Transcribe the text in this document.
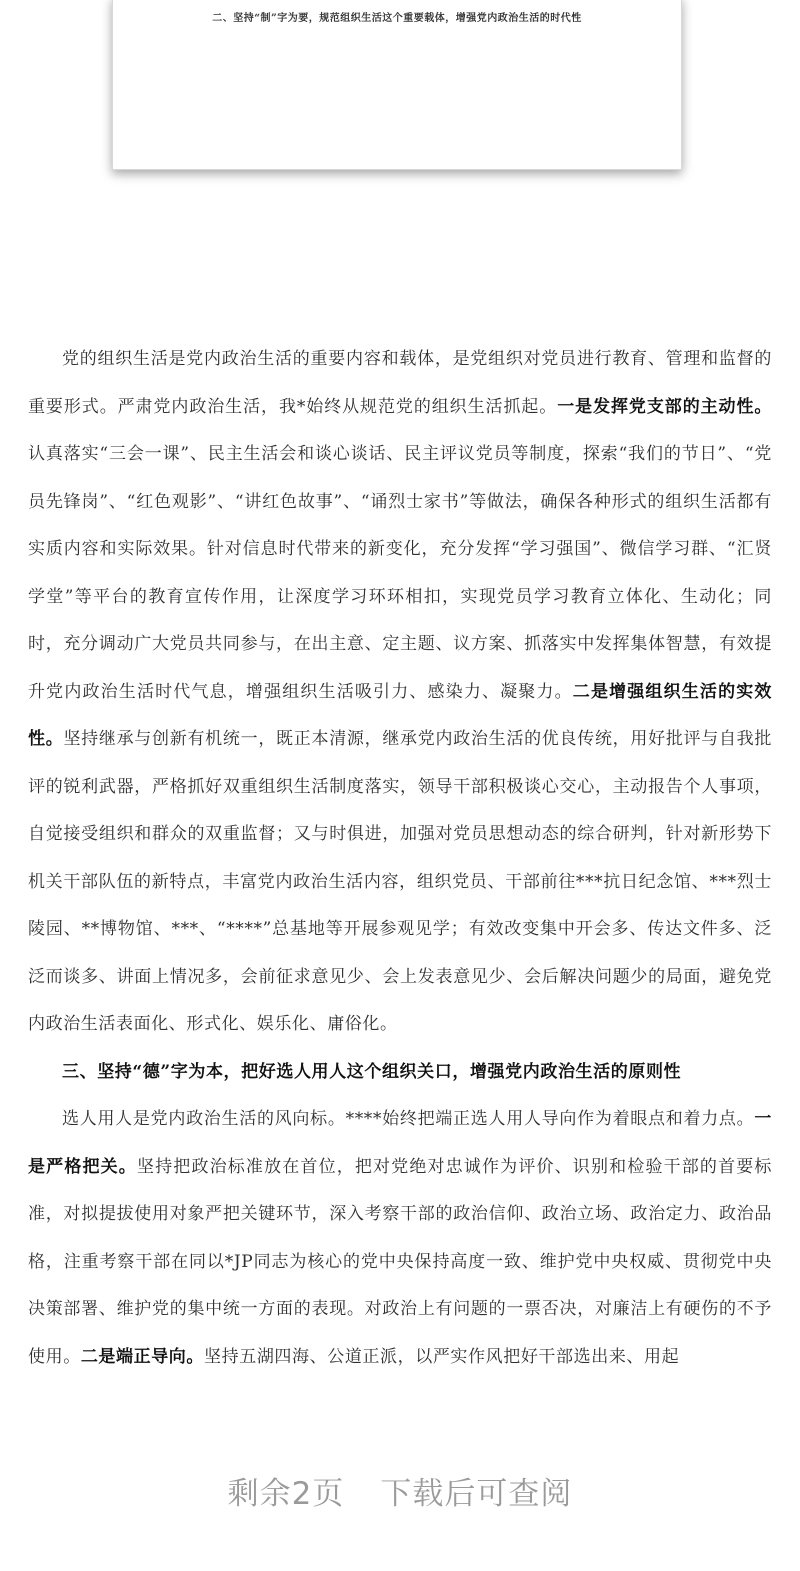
二、坚持“制”字为要，规范组织生活这个重要载体，增强党内政治生活的时代性

党的组织生活是党内政治生活的重要内容和载体，是党组织对党员进行教育、管理和监督的重要形式。严肃党内政治生活，我*始终从规范党的组织生活抓起。一是发挥党支部的主动性。认真落实“三会一课”、民主生活会和谈心谈话、民主评议党员等制度，探索“我们的节日”、“党员先锋岗”、“红色观影”、“讲红色故事”、“诵烈士家书”等做法，确保各种形式的组织生活都有实质内容和实际效果。针对信息时代带来的新变化，充分发挥“学习强国”、微信学习群、“汇贤学堂”等平台的教育宣传作用，让深度学习环环相扣，实现党员学习教育立体化、生动化；同时，充分调动广大党员共同参与，在出主意、定主题、议方案、抓落实中发挥集体智慧，有效提升党内政治生活时代气息，增强组织生活吸引力、感染力、凝聚力。二是增强组织生活的实效性。坚持继承与创新有机统一，既正本清源，继承党内政治生活的优良传统，用好批评与自我批评的锐利武器，严格抓好双重组织生活制度落实，领导干部积极谈心交心，主动报告个人事项，自觉接受组织和群众的双重监督；又与时俱进，加强对党员思想动态的综合研判，针对新形势下机关干部队伍的新特点，丰富党内政治生活内容，组织党员、干部前往***抗日纪念馆、***烈士陵园、**博物馆、***、“****”总基地等开展参观见学；有效改变集中开会多、传达文件多、泛泛而谈多、讲面上情况多，会前征求意见少、会上发表意见少、会后解决问题少的局面，避免党内政治生活表面化、形式化、娱乐化、庸俗化。

三、坚持“德”字为本，把好选人用人这个组织关口，增强党内政治生活的原则性

选人用人是党内政治生活的风向标。****始终把端正选人用人导向作为着眼点和着力点。一是严格把关。坚持把政治标准放在首位，把对党绝对忠诚作为评价、识别和检验干部的首要标准，对拟提拔使用对象严把关键环节，深入考察干部的政治信仰、政治立场、政治定力、政治品格，注重考察干部在同以*JP同志为核心的党中央保持高度一致、维护党中央权威、贯彻党中央决策部署、维护党的集中统一方面的表现。对政治上有问题的一票否决，对廉洁上有硬伤的不予使用。二是端正导向。坚持五湖四海、公道正派，以严实作风把好干部选出来、用起

剩余2页 下载后可查阅
